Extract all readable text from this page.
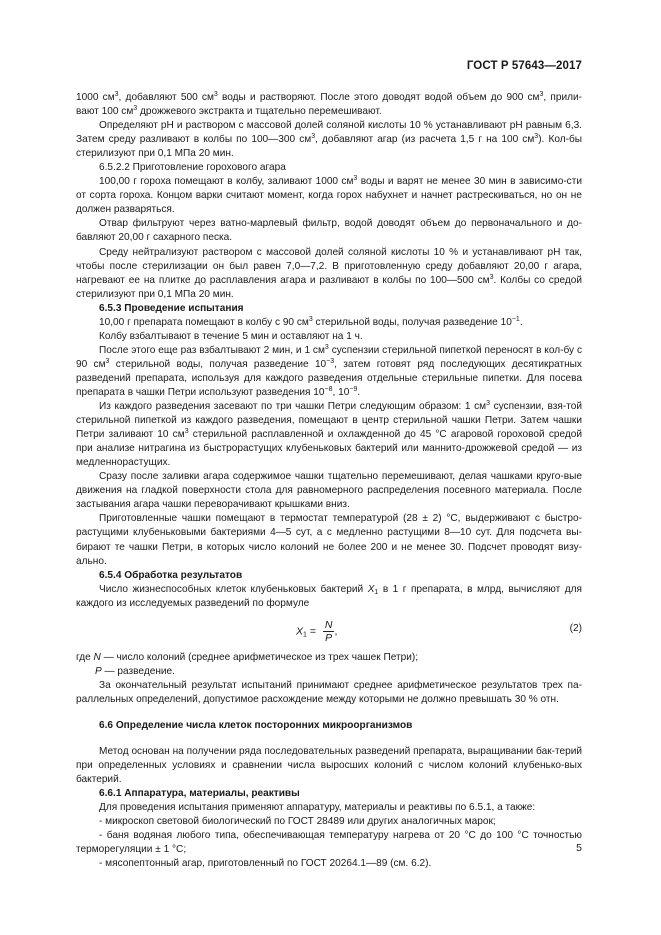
ГОСТ Р 57643—2017

1000 $см^3$, добавляют 500 $см^3$ воды и растворяют. После этого доводят водой объем до 900 $см^3$, прили-вают 100 $см^3$ дрожжевого экстракта и тщательно перемешивают.

Определяют рН и раствором с массовой долей соляной кислоты 10 % устанавливают рН равным 6,3. Затем среду разливают в колбы по 100—300 $см^3$, добавляют агар (из расчета 1,5 г на 100 $см^3$). Кол-бы стерилизуют при 0,1 МПа 20 мин.

6.5.2.2 Приготовление горохового агара

100,00 г гороха помещают в колбу, заливают 1000 $см^3$ воды и варят не менее 30 мин в зависимо-сти от сорта гороха. Концом варки считают момент, когда горох набухнет и начнет растрескиваться, но он не должен разваряться.

Отвар фильтруют через ватно-марлевый фильтр, водой доводят объем до первоначального и до-бавляют 20,00 г сахарного песка.

Среду нейтрализуют раствором с массовой долей соляной кислоты 10 % и устанавливают рН так, чтобы после стерилизации он был равен 7,0—7,2. В приготовленную среду добавляют 20,00 г агара, нагревают ее на плитке до расплавления агара и разливают в колбы по 100—500 $см^3$. Колбы со средой стерилизуют при 0,1 МПа 20 мин.

6.5.3 Проведение испытания

10,00 г препарата помещают в колбу с 90 $см^3$ стерильной воды, получая разведение $10^{-1}$.

Колбу взбалтывают в течение 5 мин и оставляют на 1 ч.

После этого еще раз взбалтывают 2 мин, и 1 $см^3$ суспензии стерильной пипеткой переносят в кол-бу с 90 $см^3$ стерильной воды, получая разведение $10^{-3}$, затем готовят ряд последующих десятикратных разведений препарата, используя для каждого разведения отдельные стерильные пипетки. Для посева препарата в чашки Петри используют разведения $10^{-8}$, $10^{-9}$.

Из каждого разведения засевают по три чашки Петри следующим образом: 1 $см^3$ суспензии, взя-той стерильной пипеткой из каждого разведения, помещают в центр стерильной чашки Петри. Затем чашки Петри заливают 10 $см^3$ стерильной расплавленной и охлажденной до 45 °С агаровой гороховой средой при анализе нитрагина из быстрорастущих клубеньковых бактерий или маннито-дрожжевой средой — из медленнорастущих.

Сразу после заливки агара содержимое чашки тщательно перемешивают, делая чашками круго-вые движения на гладкой поверхности стола для равномерного распределения посевного материала. После застывания агара чашки переворачивают крышками вниз.

Приготовленные чашки помещают в термостат температурой (28 ± 2) °С, выдерживают с быстро-растущими клубеньковыми бактериями 4—5 сут, а с медленно растущими 8—10 сут. Для подсчета вы-бирают те чашки Петри, в которых число колоний не более 200 и не менее 30. Подсчет проводят визу-ально.

6.5.4 Обработка результатов

Число жизнеспособных клеток клубеньковых бактерий $X_1$ в 1 г препарата, в млрд, вычисляют для каждого из исследуемых разведений по формуле

$X_1 = \frac{N}{P}$ ,	(2)

где N — число колоний (среднее арифметическое из трех чашек Петри);

P — разведение.

За окончательный результат испытаний принимают среднее арифметическое результатов трех па-раллельных определений, допустимое расхождение между которыми не должно превышать 30 % отн.

6.6 Определение числа клеток посторонних микроорганизмов

Метод основан на получении ряда последовательных разведений препарата, выращивании бак-терий при определенных условиях и сравнении числа выросших колоний с числом колоний клубенько-вых бактерий.

6.6.1 Аппаратура, материалы, реактивы

Для проведения испытания применяют аппаратуру, материалы и реактивы по 6.5.1, а также:

- микроскоп световой биологический по ГОСТ 28489 или других аналогичных марок;

- баня водяная любого типа, обеспечивающая температуру нагрева от 20 °С до 100 °С точностью терморегуляции ± 1 °С;

- мясопептонный агар, приготовленный по ГОСТ 20264.1—89 (см. 6.2).

5
